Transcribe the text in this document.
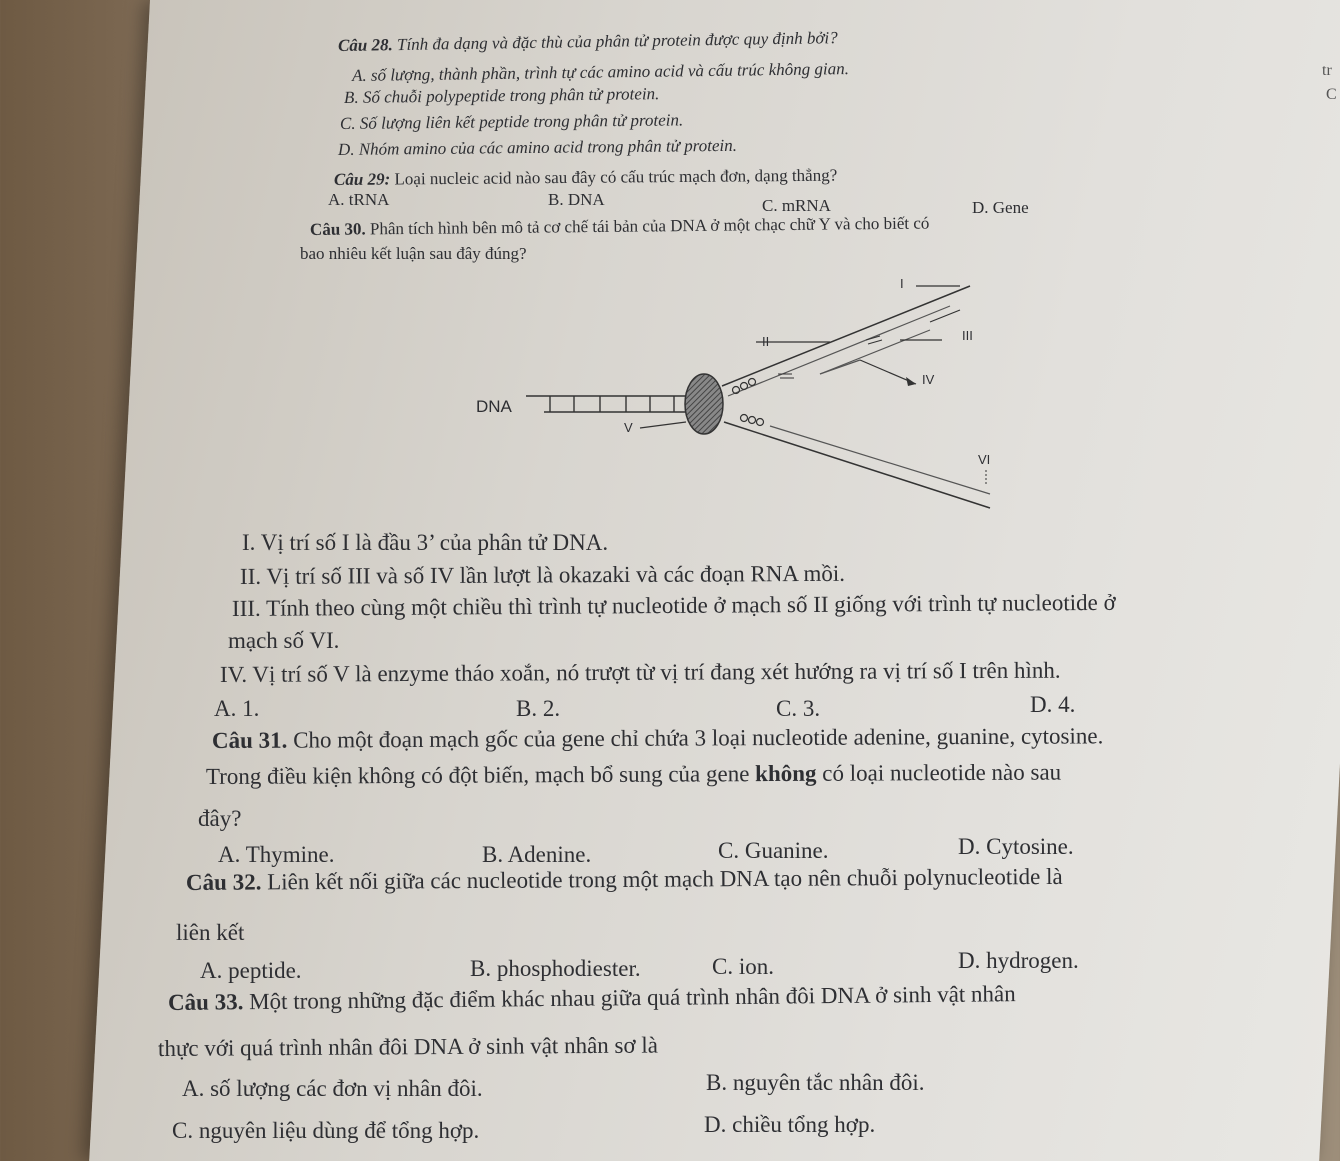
Câu 28. Tính đa dạng và đặc thù của phân tử protein được quy định bởi?
A. số lượng, thành phần, trình tự các amino acid và cấu trúc không gian.
B. Số chuỗi polypeptide trong phân tử protein.
C. Số lượng liên kết peptide trong phân tử protein.
D. Nhóm amino của các amino acid trong phân tử protein.
Câu 29: Loại nucleic acid nào sau đây có cấu trúc mạch đơn, dạng thẳng?
A. tRNA	B. DNA	C. mRNA	D. Gene
Câu 30. Phân tích hình bên mô tả cơ chế tái bản của DNA ở một chạc chữ Y và cho biết có
bao nhiêu kết luận sau đây đúng?
DNA
I
II	III
IV
V
VI
I. Vị trí số I là đầu 3’ của phân tử DNA.
II. Vị trí số III và số IV lần lượt là okazaki và các đoạn RNA mồi.
III. Tính theo cùng một chiều thì trình tự nucleotide ở mạch số II giống với trình tự nucleotide ở
mạch số VI.
IV. Vị trí số V là enzyme tháo xoắn, nó trượt từ vị trí đang xét hướng ra vị trí số I trên hình.
A. 1.	B. 2.	C. 3.	D. 4.
Câu 31. Cho một đoạn mạch gốc của gene chỉ chứa 3 loại nucleotide adenine, guanine, cytosine.
Trong điều kiện không có đột biến, mạch bổ sung của gene không có loại nucleotide nào sau
đây?
A. Thymine.	B. Adenine.	C. Guanine.	D. Cytosine.
Câu 32. Liên kết nối giữa các nucleotide trong một mạch DNA tạo nên chuỗi polynucleotide là
liên kết
A. peptide.	B. phosphodiester.	C. ion.	D. hydrogen.
Câu 33. Một trong những đặc điểm khác nhau giữa quá trình nhân đôi DNA ở sinh vật nhân
thực với quá trình nhân đôi DNA ở sinh vật nhân sơ là
A. số lượng các đơn vị nhân đôi.	B. nguyên tắc nhân đôi.
C. nguyên liệu dùng để tổng hợp.	D. chiều tổng hợp.
tr
C
